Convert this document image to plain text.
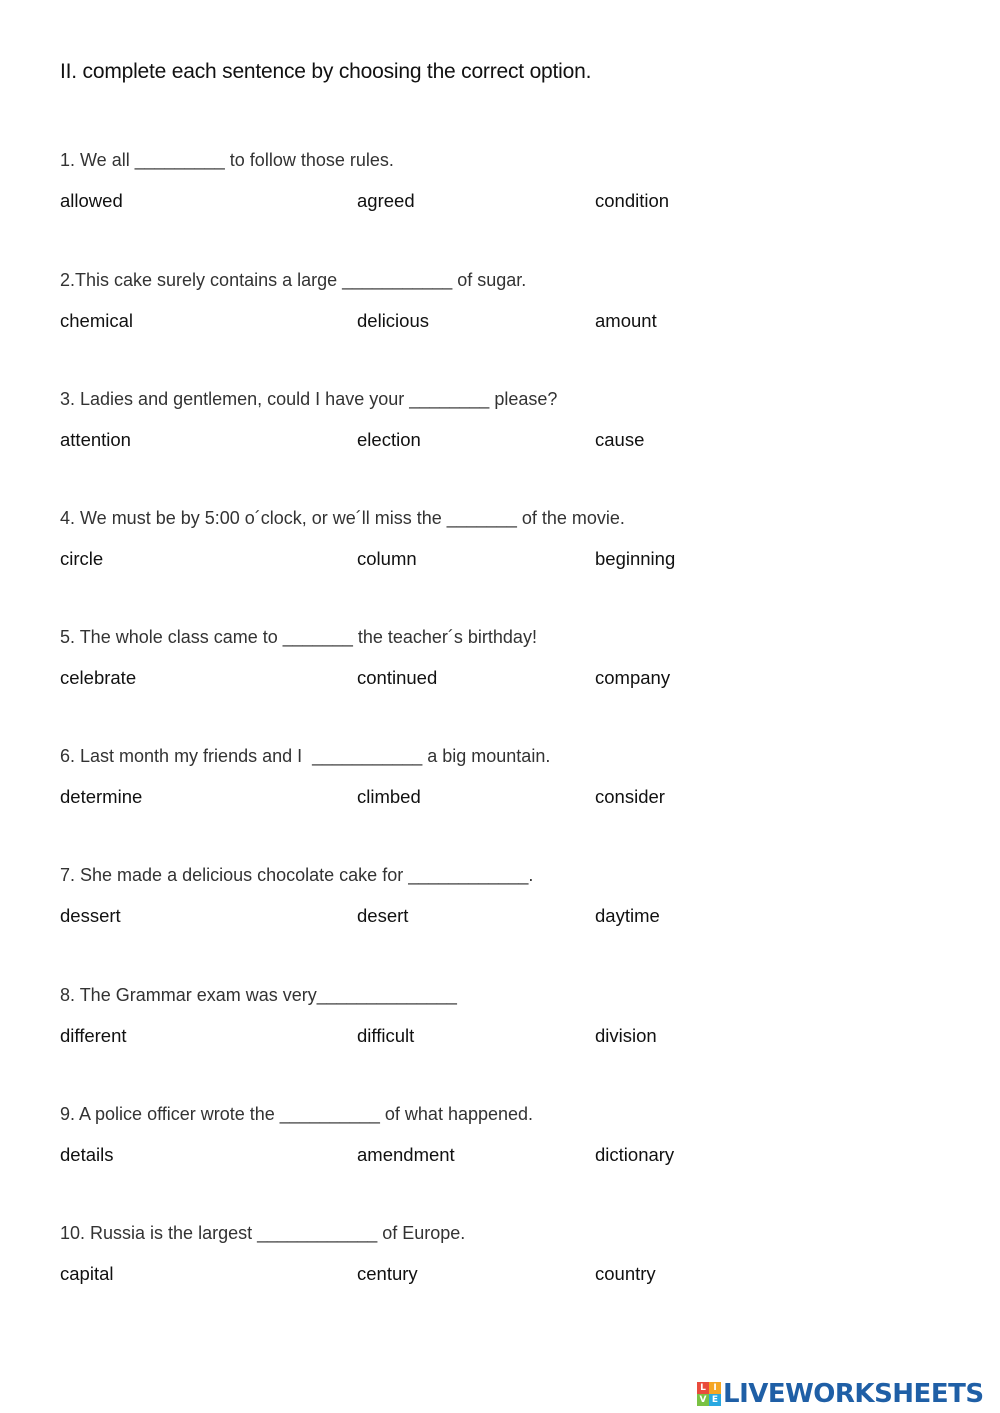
II. complete each sentence by choosing the correct option.
1. We all _________ to follow those rules.
allowed	agreed	condition
2.This cake surely contains a large ___________ of sugar.
chemical	delicious	amount
3. Ladies and gentlemen, could I have your ________ please?
attention	election	cause
4. We must be by 5:00 o´clock, or we´ll miss the _______ of the movie.
circle	column	beginning
5. The whole class came to _______ the teacher´s birthday!
celebrate	continued	company
6. Last month my friends and I  ___________ a big mountain.
determine	climbed	consider
7. She made a delicious chocolate cake for ____________.
dessert	desert	daytime
8. The Grammar exam was very______________
different	difficult	division
9. A police officer wrote the __________ of what happened.
details	amendment	dictionary
10. Russia is the largest ____________ of Europe.
capital	century	country
L I
V E LIVEWORKSHEETS
